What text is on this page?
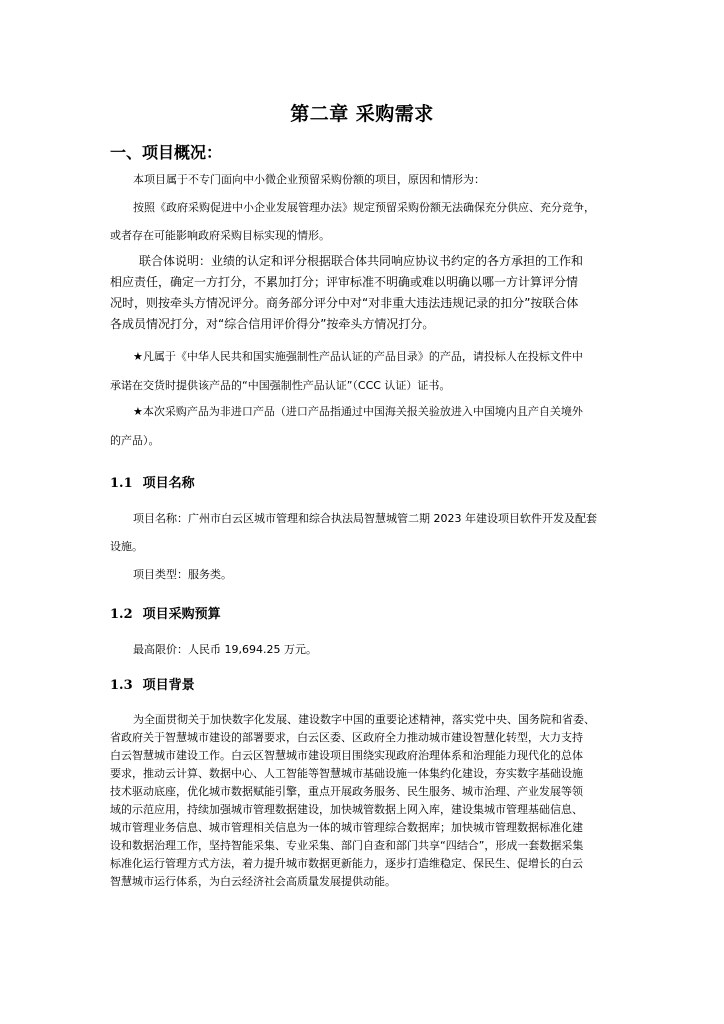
第二章 采购需求
一、项目概况：
本项目属于不专门面向中小微企业预留采购份额的项目，原因和情形为：
按照《政府采购促进中小企业发展管理办法》规定预留采购份额无法确保充分供应、充分竞争，
或者存在可能影响政府采购目标实现的情形。
联合体说明：业绩的认定和评分根据联合体共同响应协议书约定的各方承担的工作和
相应责任，确定一方打分，不累加打分；评审标准不明确或难以明确以哪一方计算评分情
况时，则按牵头方情况评分。商务部分评分中对“对非重大违法违规记录的扣分”按联合体
各成员情况打分，对“综合信用评价得分”按牵头方情况打分。
★凡属于《中华人民共和国实施强制性产品认证的产品目录》的产品，请投标人在投标文件中
承诺在交货时提供该产品的“中国强制性产品认证”（CCC 认证）证书。
★本次采购产品为非进口产品（进口产品指通过中国海关报关验放进入中国境内且产自关境外
的产品）。
1.1 项目名称
项目名称：广州市白云区城市管理和综合执法局智慧城管二期 2023 年建设项目软件开发及配套
设施。
项目类型：服务类。
1.2 项目采购预算
最高限价：人民币 19,694.25 万元。
1.3 项目背景
为全面贯彻关于加快数字化发展、建设数字中国的重要论述精神，落实党中央、国务院和省委、
省政府关于智慧城市建设的部署要求，白云区委、区政府全力推动城市建设智慧化转型，大力支持
白云智慧城市建设工作。白云区智慧城市建设项目围绕实现政府治理体系和治理能力现代化的总体
要求，推动云计算、数据中心、人工智能等智慧城市基础设施一体集约化建设，夯实数字基础设施
技术驱动底座，优化城市数据赋能引擎，重点开展政务服务、民生服务、城市治理、产业发展等领
域的示范应用，持续加强城市管理数据建设，加快城管数据上网入库，建设集城市管理基础信息、
城市管理业务信息、城市管理相关信息为一体的城市管理综合数据库；加快城市管理数据标准化建
设和数据治理工作，坚持智能采集、专业采集、部门自查和部门共享“四结合”，形成一套数据采集
标准化运行管理方式方法，着力提升城市数据更新能力，逐步打造维稳定、保民生、促增长的白云
智慧城市运行体系，为白云经济社会高质量发展提供动能。
